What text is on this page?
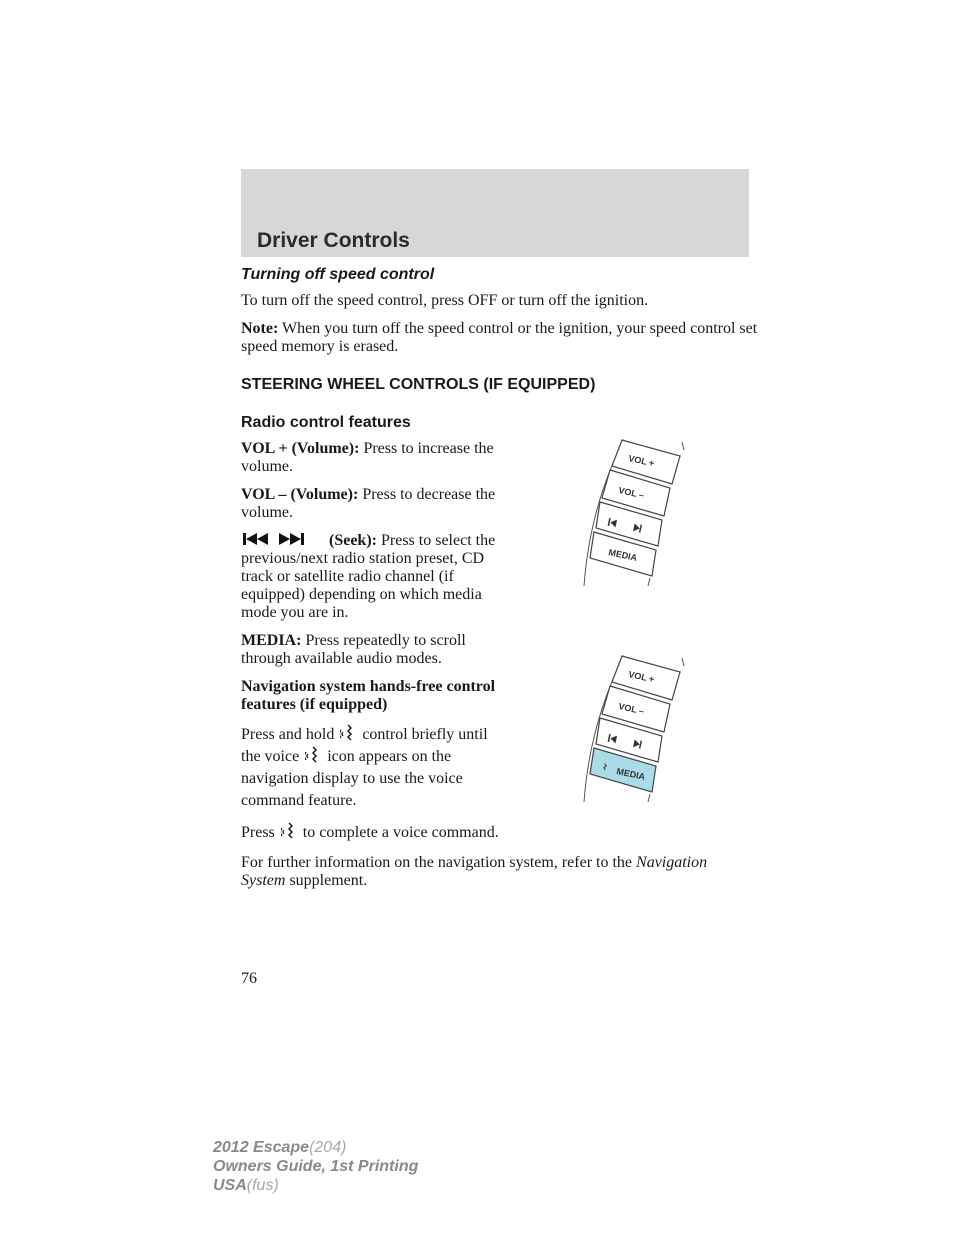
Driver Controls
Turning off speed control

To turn off the speed control, press OFF or turn off the ignition.

Note: When you turn off the speed control or the ignition, your speed control set speed memory is erased.

STEERING WHEEL CONTROLS (IF EQUIPPED)
Radio control features

VOL + (Volume): Press to increase the volume.

VOL – (Volume): Press to decrease the volume.

(Seek): Press to select the previous/next radio station preset, CD track or satellite radio channel (if equipped) depending on which media mode you are in.

MEDIA: Press repeatedly to scroll through available audio modes.

Navigation system hands-free control features (if equipped)

Press and hold control briefly until the voice icon appears on the navigation display to use the voice command feature.

Press to complete a voice command.

For further information on the navigation system, refer to the Navigation System supplement.

VOL +
VOL –
MEDIA
VOL +
VOL –
MEDIA
76
2012 Escape(204)
Owners Guide, 1st Printing
USA(fus)
